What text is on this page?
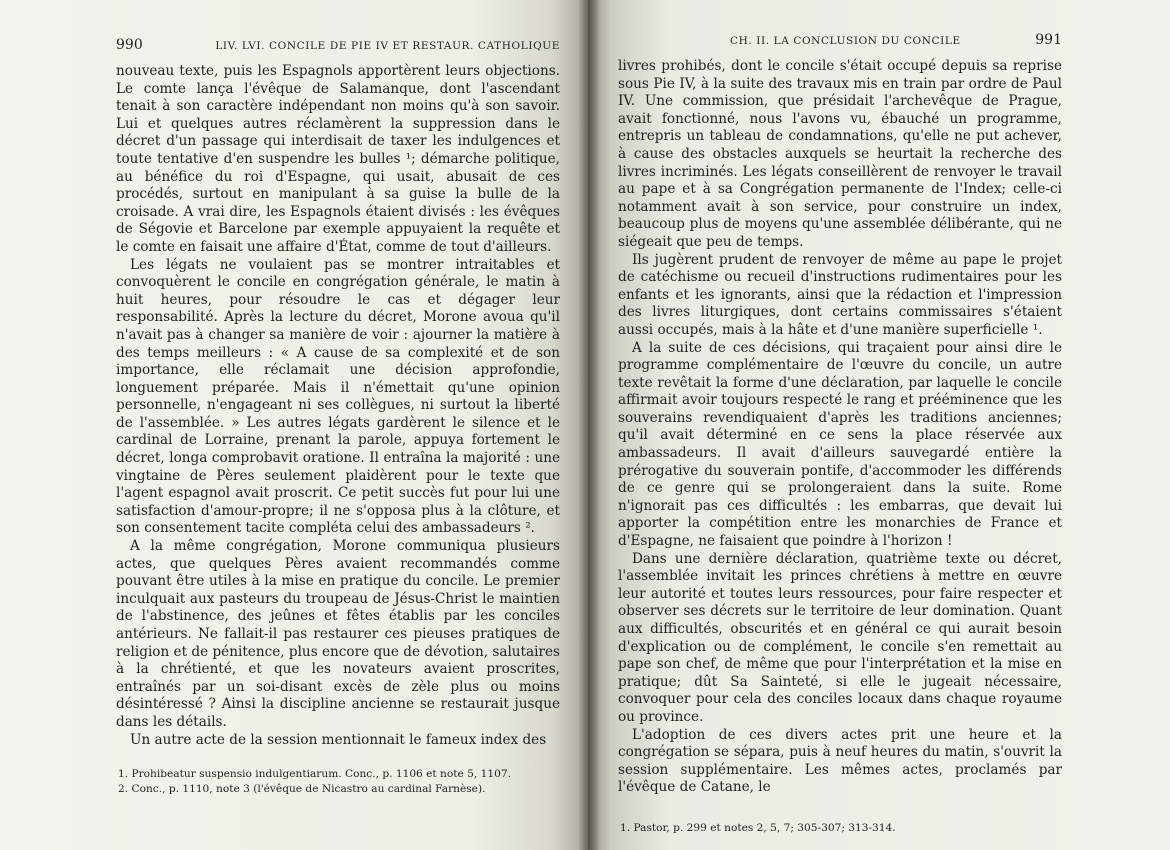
990	LIV. LVI. CONCILE DE PIE IV ET RESTAUR. CATHOLIQUE

nouveau texte, puis les Espagnols apportèrent leurs objections. Le comte lança l'évêque de Salamanque, dont l'ascendant tenait à son caractère indépendant non moins qu'à son savoir. Lui et quelques autres réclamèrent la suppression dans le décret d'un passage qui interdisait de taxer les indulgences et toute tentative d'en suspendre les bulles ¹; démarche politique, au bénéfice du roi d'Espagne, qui usait, abusait de ces procédés, surtout en manipulant à sa guise la bulle de la croisade. A vrai dire, les Espagnols étaient divisés : les évêques de Ségovie et Barcelone par exemple appuyaient la requête et le comte en faisait une affaire d'État, comme de tout d'ailleurs.

Les légats ne voulaient pas se montrer intraitables et convoquèrent le concile en congrégation générale, le matin à huit heures, pour résoudre le cas et dégager leur responsabilité. Après la lecture du décret, Morone avoua qu'il n'avait pas à changer sa manière de voir : ajourner la matière à des temps meilleurs : « A cause de sa complexité et de son importance, elle réclamait une décision approfondie, longuement préparée. Mais il n'émettait qu'une opinion personnelle, n'engageant ni ses collègues, ni surtout la liberté de l'assemblée. » Les autres légats gardèrent le silence et le cardinal de Lorraine, prenant la parole, appuya fortement le décret, longa comprobavit oratione. Il entraîna la majorité : une vingtaine de Pères seulement plaidèrent pour le texte que l'agent espagnol avait proscrit. Ce petit succès fut pour lui une satisfaction d'amour-propre; il ne s'opposa plus à la clôture, et son consentement tacite compléta celui des ambassadeurs ².

A la même congrégation, Morone communiqua plusieurs actes, que quelques Pères avaient recommandés comme pouvant être utiles à la mise en pratique du concile. Le premier inculquait aux pasteurs du troupeau de Jésus-Christ le maintien de l'abstinence, des jeûnes et fêtes établis par les conciles antérieurs. Ne fallait-il pas restaurer ces pieuses pratiques de religion et de pénitence, plus encore que de dévotion, salutaires à la chrétienté, et que les novateurs avaient proscrites, entraînés par un soi-disant excès de zèle plus ou moins désintéressé ? Ainsi la discipline ancienne se restaurait jusque dans les détails.

Un autre acte de la session mentionnait le fameux index des

1. Prohibeatur suspensio indulgentiarum. Conc., p. 1106 et note 5, 1107.

2. Conc., p. 1110, note 3 (l'évêque de Nicastro au cardinal Farnèse).

CH. II. LA CONCLUSION DU CONCILE	991

livres prohibés, dont le concile s'était occupé depuis sa reprise sous Pie IV, à la suite des travaux mis en train par ordre de Paul IV. Une commission, que présidait l'archevêque de Prague, avait fonctionné, nous l'avons vu, ébauché un programme, entrepris un tableau de condamnations, qu'elle ne put achever, à cause des obstacles auxquels se heurtait la recherche des livres incriminés. Les légats conseillèrent de renvoyer le travail au pape et à sa Congrégation permanente de l'Index; celle-ci notamment avait à son service, pour construire un index, beaucoup plus de moyens qu'une assemblée délibérante, qui ne siégeait que peu de temps.

Ils jugèrent prudent de renvoyer de même au pape le projet de catéchisme ou recueil d'instructions rudimentaires pour les enfants et les ignorants, ainsi que la rédaction et l'impression des livres liturgiques, dont certains commissaires s'étaient aussi occupés, mais à la hâte et d'une manière superficielle ¹.

A la suite de ces décisions, qui traçaient pour ainsi dire le programme complémentaire de l'œuvre du concile, un autre texte revêtait la forme d'une déclaration, par laquelle le concile affirmait avoir toujours respecté le rang et prééminence que les souverains revendiquaient d'après les traditions anciennes; qu'il avait déterminé en ce sens la place réservée aux ambassadeurs. Il avait d'ailleurs sauvegardé entière la prérogative du souverain pontife, d'accommoder les différends de ce genre qui se prolongeraient dans la suite. Rome n'ignorait pas ces difficultés : les embarras, que devait lui apporter la compétition entre les monarchies de France et d'Espagne, ne faisaient que poindre à l'horizon !

Dans une dernière déclaration, quatrième texte ou décret, l'assemblée invitait les princes chrétiens à mettre en œuvre leur autorité et toutes leurs ressources, pour faire respecter et observer ses décrets sur le territoire de leur domination. Quant aux difficultés, obscurités et en général ce qui aurait besoin d'explication ou de complément, le concile s'en remettait au pape son chef, de même que pour l'interprétation et la mise en pratique; dût Sa Sainteté, si elle le jugeait nécessaire, convoquer pour cela des conciles locaux dans chaque royaume ou province.

L'adoption de ces divers actes prit une heure et la congrégation se sépara, puis à neuf heures du matin, s'ouvrit la session supplémentaire. Les mêmes actes, proclamés par l'évêque de Catane, le

1. Pastor, p. 299 et notes 2, 5, 7; 305-307; 313-314.
